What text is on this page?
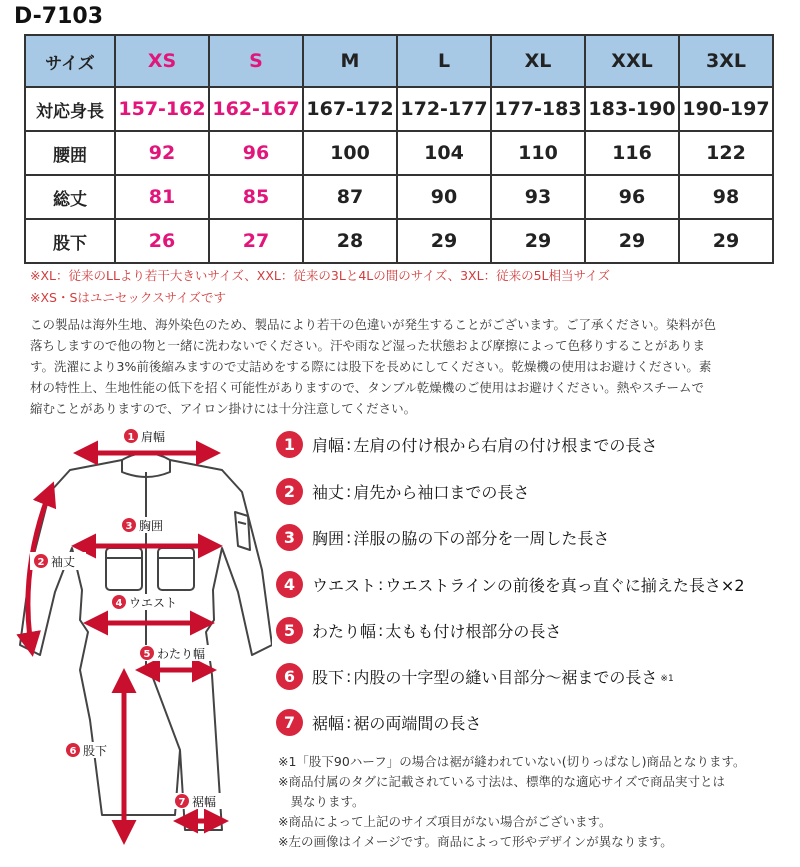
D-7103
サイズ	XS	S	M	L	XL	XXL	3XL
対応身長	157-162	162-167	167-172	172-177	177-183	183-190	190-197
腰囲	92	96	100	104	110	116	122
総丈	81	85	87	90	93	96	98
股下	26	27	28	29	29	29	29
※XL：従来のLLより若干大きいサイズ、XXL：従来の3Lと4Lの間のサイズ、3XL：従来の5L相当サイズ
※XS・Sはユニセックスサイズです
この製品は海外生地、海外染色のため、製品により若干の色違いが発生することがございます。ご了承ください。染料が色
落ちしますので他の物と一緒に洗わないでください。汗や雨など湿った状態および摩擦によって色移りすることがありま
す。洗濯により3%前後縮みますので丈詰めをする際には股下を長めにしてください。乾燥機の使用はお避けください。素
材の特性上、生地性能の低下を招く可能性がありますので、タンブル乾燥機のご使用はお避けください。熱やスチームで
縮むことがありますので、アイロン掛けには十分注意してください。
1 肩幅
2 袖丈
3 胸囲
4 ウエスト
5 わたり幅
6 股下
7 裾幅
1	肩幅 : 左肩の付け根から右肩の付け根までの長さ
2	袖丈 : 肩先から袖口までの長さ
3	胸囲 : 洋服の脇の下の部分を一周した長さ
4	ウエスト : ウエストラインの前後を真っ直ぐに揃えた長さ×2
5	わたり幅 : 太もも付け根部分の長さ
6	股下 : 内股の十字型の縫い目部分～裾までの長さ ※1
7	裾幅 : 裾の両端間の長さ
※1「股下90ハーフ」の場合は裾が縫われていない(切りっぱなし)商品となります。
※商品付属のタグに記載されている寸法は、標準的な適応サイズで商品実寸とは
　異なります。
※商品によって上記のサイズ項目がない場合がございます。
※左の画像はイメージです。商品によって形やデザインが異なります。
